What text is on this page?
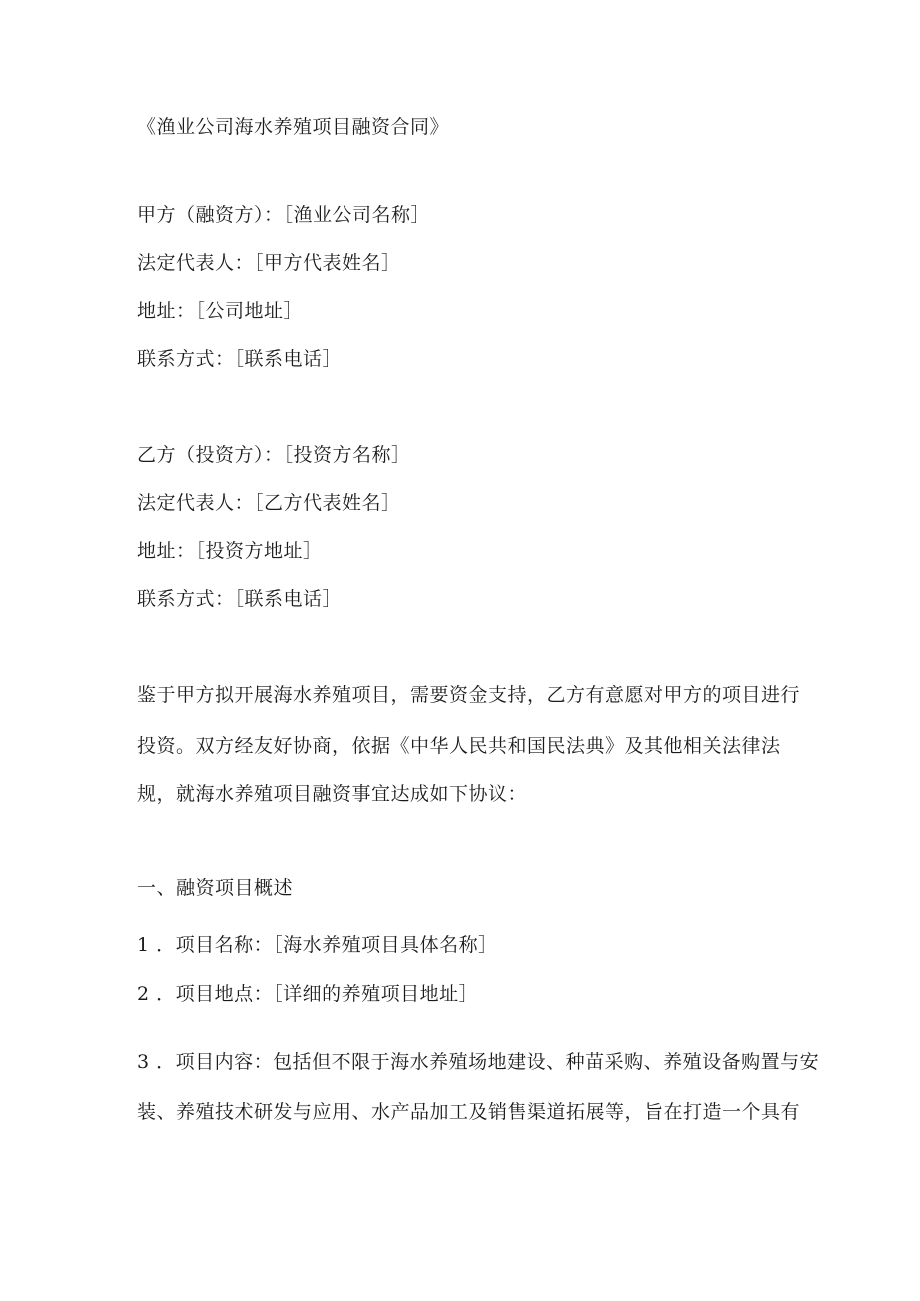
《渔业公司海水养殖项目融资合同》
甲方（融资方）：［渔业公司名称］
法定代表人：［甲方代表姓名］
地址：［公司地址］
联系方式：［联系电话］
乙方（投资方）：［投资方名称］
法定代表人：［乙方代表姓名］
地址：［投资方地址］
联系方式：［联系电话］
鉴于甲方拟开展海水养殖项目，需要资金支持，乙方有意愿对甲方的项目进行
投资。双方经友好协商，依据《中华人民共和国民法典》及其他相关法律法
规，就海水养殖项目融资事宜达成如下协议：
一、融资项目概述
1 ．项目名称：［海水养殖项目具体名称］
2 ．项目地点：［详细的养殖项目地址］
3 ．项目内容：包括但不限于海水养殖场地建设、种苗采购、养殖设备购置与安
装、养殖技术研发与应用、水产品加工及销售渠道拓展等，旨在打造一个具有
